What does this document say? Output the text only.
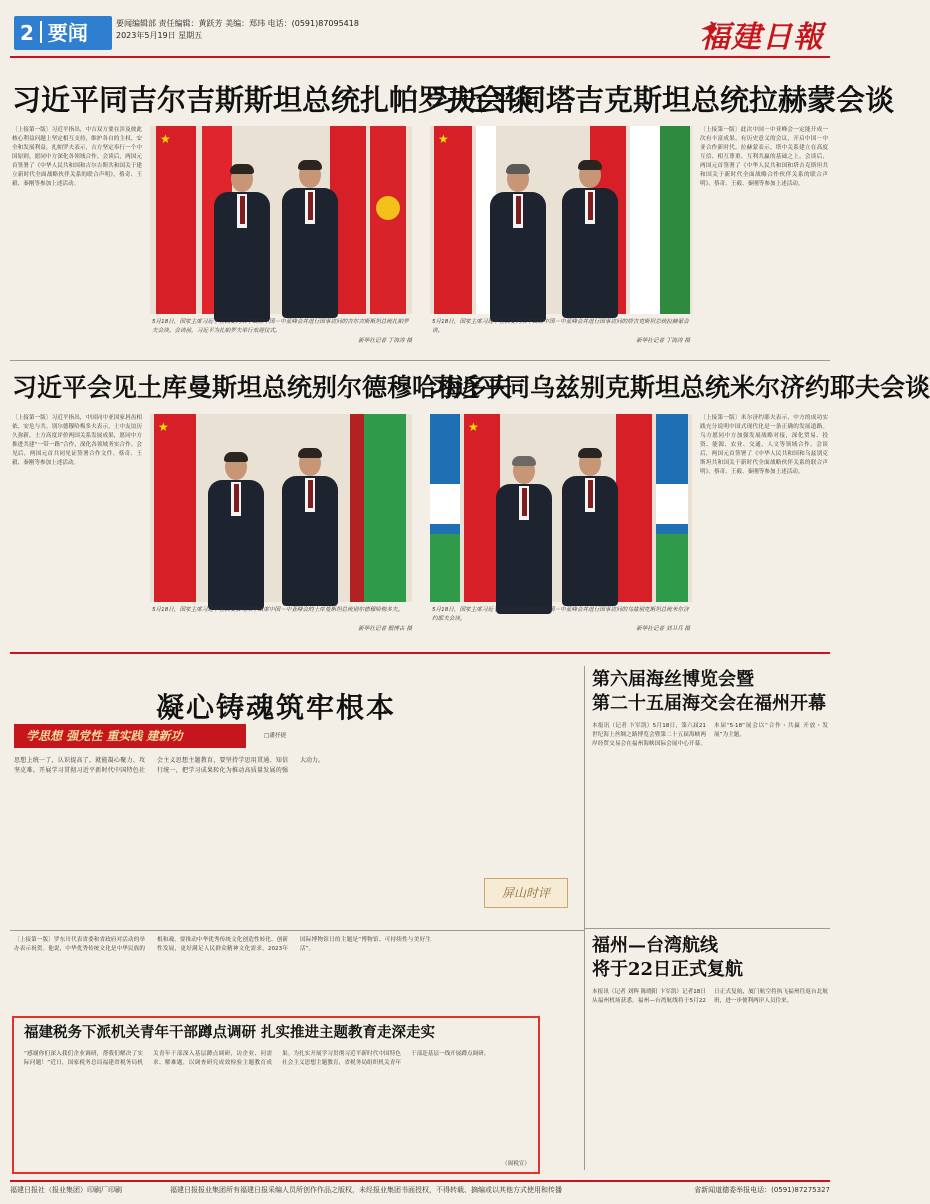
2 要闻	要闻编辑部 责任编辑：黄跃芳 美编：郑玮 电话：(0591)87095418
2023年5月19日 星期五	福建日報
习近平同吉尔吉斯斯坦总统扎帕罗夫会谈
〔上接第一版〕习近平指出，中吉双方要在涉及彼此核心利益问题上坚定相互支持，维护各自的主权、安全和发展利益。扎帕罗夫表示，吉方坚定奉行一个中国原则，愿同中方深化各领域合作。会谈后，两国元首签署了《中华人民共和国和吉尔吉斯共和国关于建立新时代全面战略伙伴关系的联合声明》。蔡奇、王毅、秦刚等参加上述活动。
★
5月18日，国家主席习近平在西安同来华出席中国－中亚峰会并进行国事访问的吉尔吉斯斯坦总统扎帕罗夫会谈。会谈前，习近平为扎帕罗夫举行欢迎仪式。
新华社记者 丁海涛 摄
习近平同塔吉克斯坦总统拉赫蒙会谈
★
〔上接第一版〕此次中国－中亚峰会一定能开成一次有丰富成果、有历史意义的会议，开启中国－中亚合作新时代。拉赫蒙表示，塔中关系建立在高度互信、相互尊重、互利共赢的基础之上。会谈后，两国元首签署了《中华人民共和国和塔吉克斯坦共和国关于新时代全面战略合作伙伴关系的联合声明》。蔡奇、王毅、秦刚等参加上述活动。
5月18日，国家主席习近平在西安同来华出席中国－中亚峰会并进行国事访问的塔吉克斯坦总统拉赫蒙会谈。
新华社记者 丁海涛 摄
习近平会见土库曼斯坦总统别尔德穆哈梅多夫
〔上接第一版〕习近平指出，中国同中亚国家唇齿相依、安危与共。别尔德穆哈梅多夫表示，土中友谊历久弥新，土方高度评价两国关系发展成果，愿同中方推进共建“一带一路”合作，深化各领域务实合作。会见后，两国元首共同见证签署合作文件。蔡奇、王毅、秦刚等参加上述活动。
★
5月18日，国家主席习近平在西安会见来华出席中国－中亚峰会的土库曼斯坦总统别尔德穆哈梅多夫。
新华社记者 殷博古 摄
习近平同乌兹别克斯坦总统米尔济约耶夫会谈
★
〔上接第一版〕米尔济约耶夫表示，中方的成功实践充分说明中国式现代化是一条正确的发展道路。乌方愿同中方加强发展战略对接，深化贸易、投资、能源、农业、交通、人文等领域合作。会谈后，两国元首签署了《中华人民共和国和乌兹别克斯坦共和国关于新时代全面战略伙伴关系的联合声明》。蔡奇、王毅、秦刚等参加上述活动。
5月18日，国家主席习近平在西安同来华出席中国－中亚峰会并进行国事访问的乌兹别克斯坦总统米尔济约耶夫会谈。
新华社记者 刘卫兵 摄
凝心铸魂筑牢根本
□潘抒捷
学思想 强党性 重实践 建新功
思想上统一了，认识提高了，就能凝心聚力、攻坚克难。开展学习贯彻习近平新时代中国特色社会主义思想主题教育，要坚持学思用贯通、知信行统一，把学习成果转化为推动高质量发展的强大动力。
屏山时评
第六届海丝博览会暨
第二十五届海交会在福州开幕
本报讯（记者 卞军凯）5月18日，第六届21世纪海上丝绸之路博览会暨第二十五届海峡两岸经贸交易会在福州海峡国际会展中心开幕。本届“5·18”展会以“合作・共赢 开放・发展”为主题。
福州—台湾航线
将于22日正式复航
本报讯（记者 刘辉 陈晓阳 卞军凯）记者18日从福州机场获悉，福州—台湾航线将于5月22日正式复航，厦门航空将执飞福州往返台北航班，进一步便利两岸人员往来。
〔上接第一版〕罗东川代表省委和省政府对活动的举办表示祝贺。他说，中华优秀传统文化是中华民族的根和魂，要推动中华优秀传统文化创造性转化、创新性发展，更好满足人民群众精神文化需求。2023年国际博物馆日的主题是“博物馆、可持续性与美好生活”。
福建税务下派机关青年干部蹲点调研 扎实推进主题教育走深走实
“感谢你们深入我们企业调研，帮我们解决了实际问题！”近日，国家税务总局福建省税务局机关青年干部深入基层蹲点调研，访企业、问需求、解难题，以调查研究成效检验主题教育成果。为扎实开展学习贯彻习近平新时代中国特色社会主义思想主题教育，省税务局组织机关青年干部赴基层一线开展蹲点调研。
（闽税宣）
福建日报社（报业集团）印刷厂印刷	福建日报报业集团所有福建日报采编人员所创作作品之版权，未经报业集团书面授权，不得转载、摘编或以其他方式使用和传播	省新闻道德委举报电话：(0591)87275327
